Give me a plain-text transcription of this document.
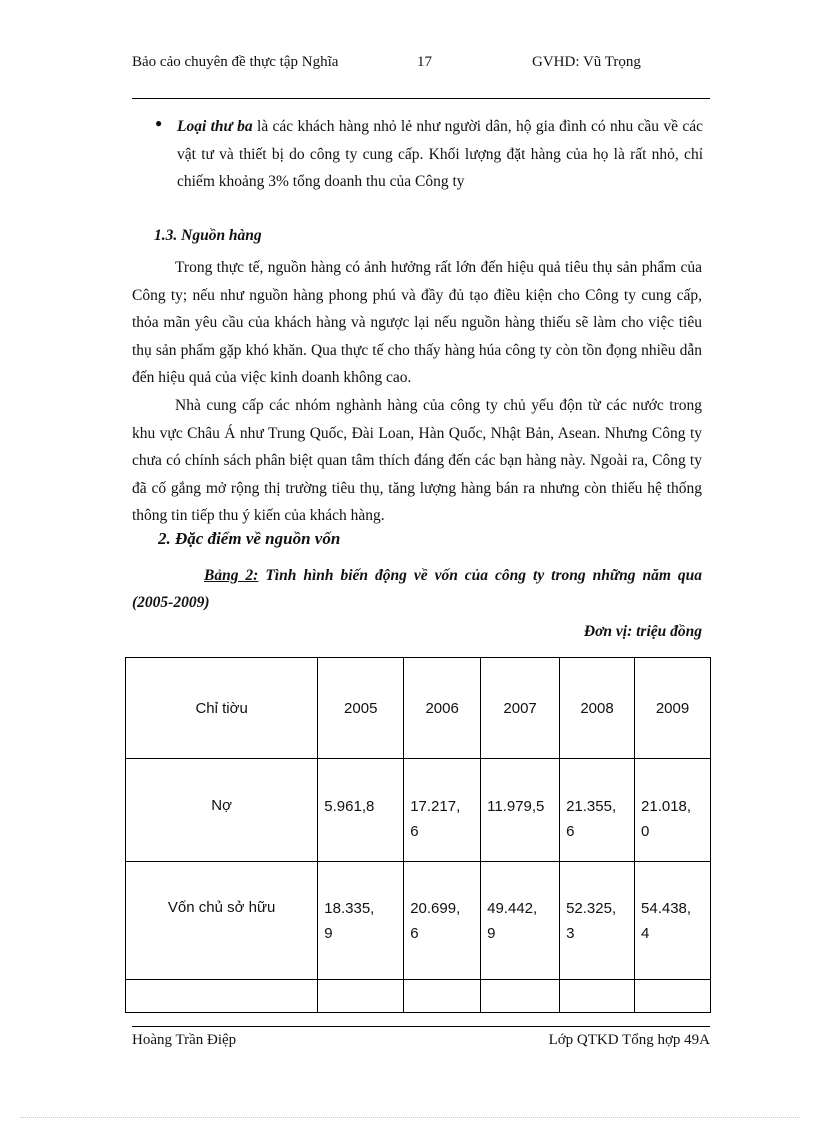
Bảo cảo chuyên đề thực tập Nghĩa	17	GVHD: Vũ Trọng
● Loại thư ba là các khách hàng nhỏ lẻ như người dân, hộ gia đình có nhu cầu về các vật tư và thiết bị do công ty cung cấp. Khối lượng đặt hàng của họ là rất nhỏ, chỉ chiếm khoảng 3% tổng doanh thu của Công ty
1.3. Nguồn hàng

Trong thực tế, nguồn hàng có ảnh hưởng rất lớn đến hiệu quả tiêu thụ sản phẩm của Công ty; nếu như nguồn hàng phong phú và đầy đủ tạo điều kiện cho Công ty cung cấp, thỏa mãn yêu cầu của khách hàng và ngược lại nếu nguồn hàng thiếu sẽ làm cho việc tiêu thụ sản phẩm gặp khó khăn. Qua thực tế cho thấy hàng húa công ty còn tồn đọng nhiều dẫn đến hiệu quả của việc kinh doanh không cao.

Nhà cung cấp các nhóm nghành hàng của công ty chủ yếu độn từ các nước trong khu vực Châu Á như Trung Quốc, Đài Loan, Hàn Quốc, Nhật Bản, Asean. Nhưng Công ty chưa có chính sách phân biệt quan tâm thích đáng đến các bạn hàng này. Ngoài ra, Công ty đã cố gắng mở rộng thị trường tiêu thụ, tăng lượng hàng bán ra nhưng còn thiếu hệ thống thông tin tiếp thu ý kiến của khách hàng.

2. Đặc điểm về nguồn vốn

Bảng 2: Tình hình biến động về vốn của công ty trong những năm qua (2005-2009)

Đơn vị: triệu đồng
Chỉ tiờu	2005	2006	2007	2008	2009
Nợ	5.961,8	17.217,6	11.979,5	21.355,6	21.018,0

Vốn chủ sở hữu	18.335,9	20.699,6	49.442,9	52.325,3	54.438,4

Hoàng Trần Điệp	Lớp QTKD Tổng hợp 49A
